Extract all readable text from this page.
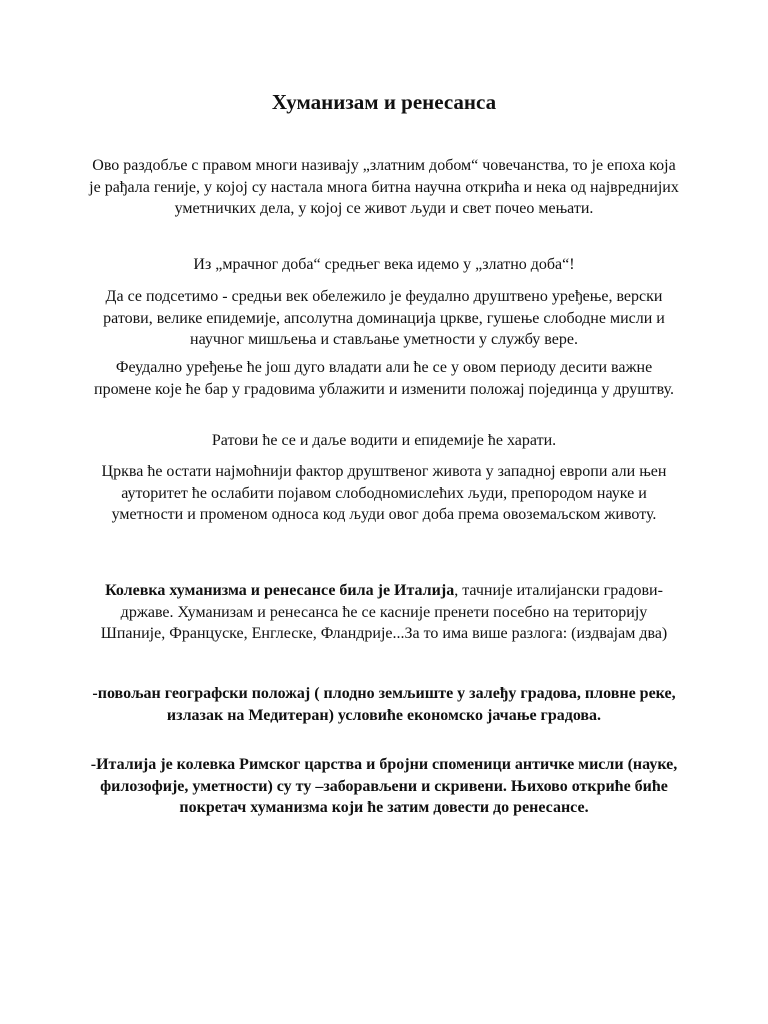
Хуманизам и ренесанса

Ово раздобље с правом многи називају „златним добом“ човечанства, то је епоха која је рађала геније, у којој су настала многа битна научна открића и нека од највреднијих уметничких дела, у којој се живот људи и свет почео мењати.

Из „мрачног доба“ средњег века идемо у „златно доба“!

Да се подсетимо - средњи век обележило је феудално друштвено уређење, верски ратови, велике епидемије, апсолутна доминација цркве, гушење слободне мисли и научног мишљења и стављање уметности у службу вере.

Феудално уређење ће још дуго владати али ће се у овом периоду десити важне промене које ће бар у градовима ублажити и изменити положај појединца у друштву.

Ратови ће се и даље водити и епидемије ће харати.

Црква ће остати најмоћнији фактор друштвеног живота у западној европи али њен ауторитет ће ослабити појавом слободномислећих људи, препородом науке и уметности и променом односа код људи овог доба према овоземаљском животу.

Колевка хуманизма и ренесансе била је Италија, тачније италијански градови-државе. Хуманизам и ренесанса ће се касније пренети посебно на територију Шпаније, Француске, Енглеске, Фландрије...За то има више разлога: (издвајам два)

-повољан географски положај ( плодно земљиште у залеђу градова, пловне реке, излазак на Медитеран) условиће економско јачање градова.

-Италија је колевка Римског царства и бројни споменици античке мисли (науке, филозофије, уметности) су ту –заборављени и скривени. Њихово откриће биће покретач хуманизма који ће затим довести до ренесансе.
